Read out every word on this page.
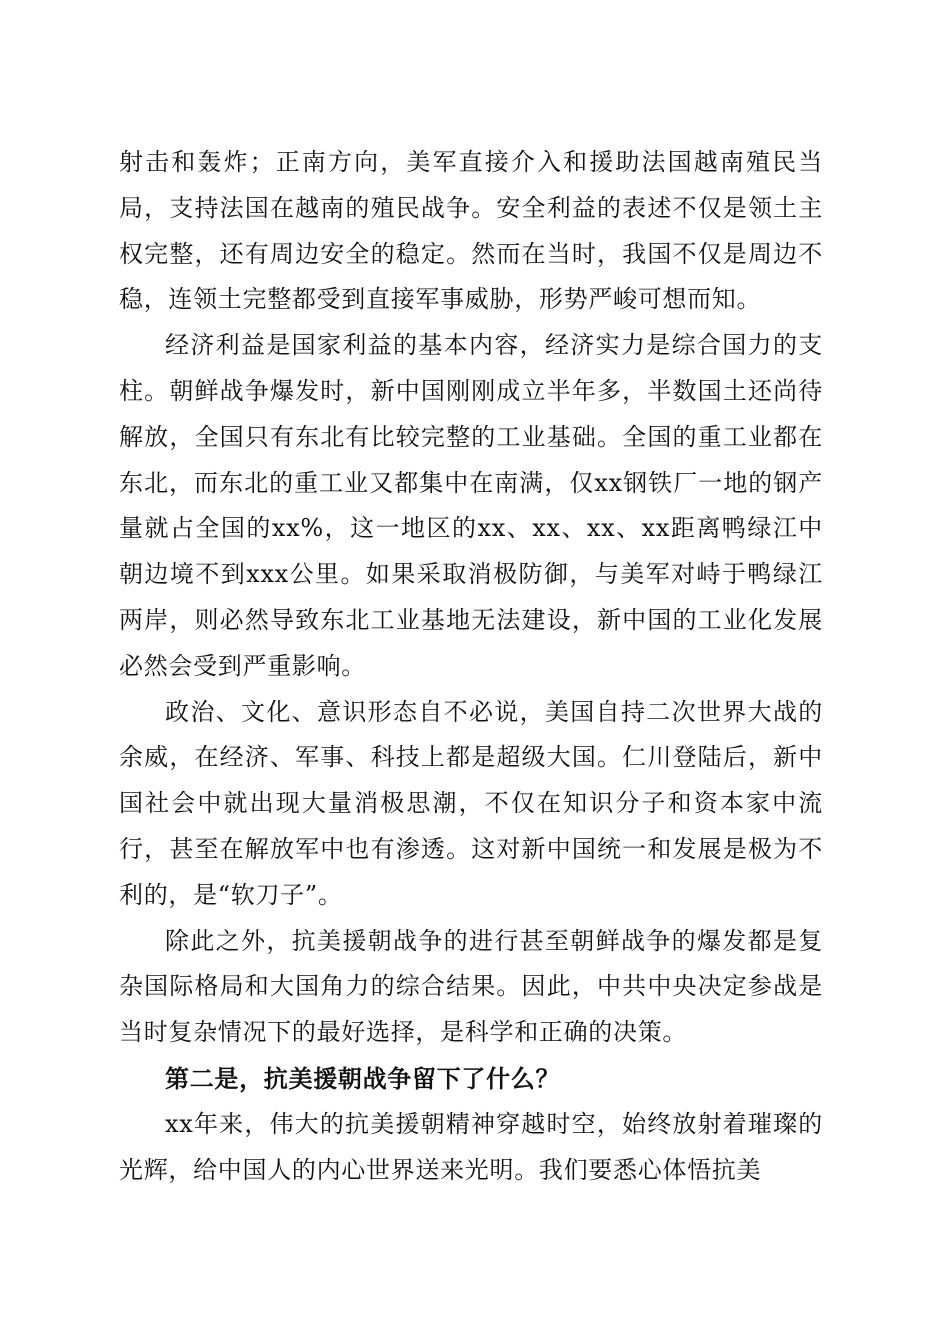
射击和轰炸；正南方向，美军直接介入和援助法国越南殖民当局，支持法国在越南的殖民战争。安全利益的表述不仅是领土主权完整，还有周边安全的稳定。然而在当时，我国不仅是周边不稳，连领土完整都受到直接军事威胁，形势严峻可想而知。

经济利益是国家利益的基本内容，经济实力是综合国力的支柱。朝鲜战争爆发时，新中国刚刚成立半年多，半数国土还尚待解放，全国只有东北有比较完整的工业基础。全国的重工业都在东北，而东北的重工业又都集中在南满，仅xx钢铁厂一地的钢产量就占全国的xx%，这一地区的xx、xx、xx、xx距离鸭绿江中朝边境不到xxx公里。如果采取消极防御，与美军对峙于鸭绿江两岸，则必然导致东北工业基地无法建设，新中国的工业化发展必然会受到严重影响。

政治、文化、意识形态自不必说，美国自持二次世界大战的余威，在经济、军事、科技上都是超级大国。仁川登陆后，新中国社会中就出现大量消极思潮，不仅在知识分子和资本家中流行，甚至在解放军中也有渗透。这对新中国统一和发展是极为不利的，是“软刀子”。

除此之外，抗美援朝战争的进行甚至朝鲜战争的爆发都是复杂国际格局和大国角力的综合结果。因此，中共中央决定参战是当时复杂情况下的最好选择，是科学和正确的决策。

第二是，抗美援朝战争留下了什么？

xx年来，伟大的抗美援朝精神穿越时空，始终放射着璀璨的光辉，给中国人的内心世界送来光明。我们要悉心体悟抗美
